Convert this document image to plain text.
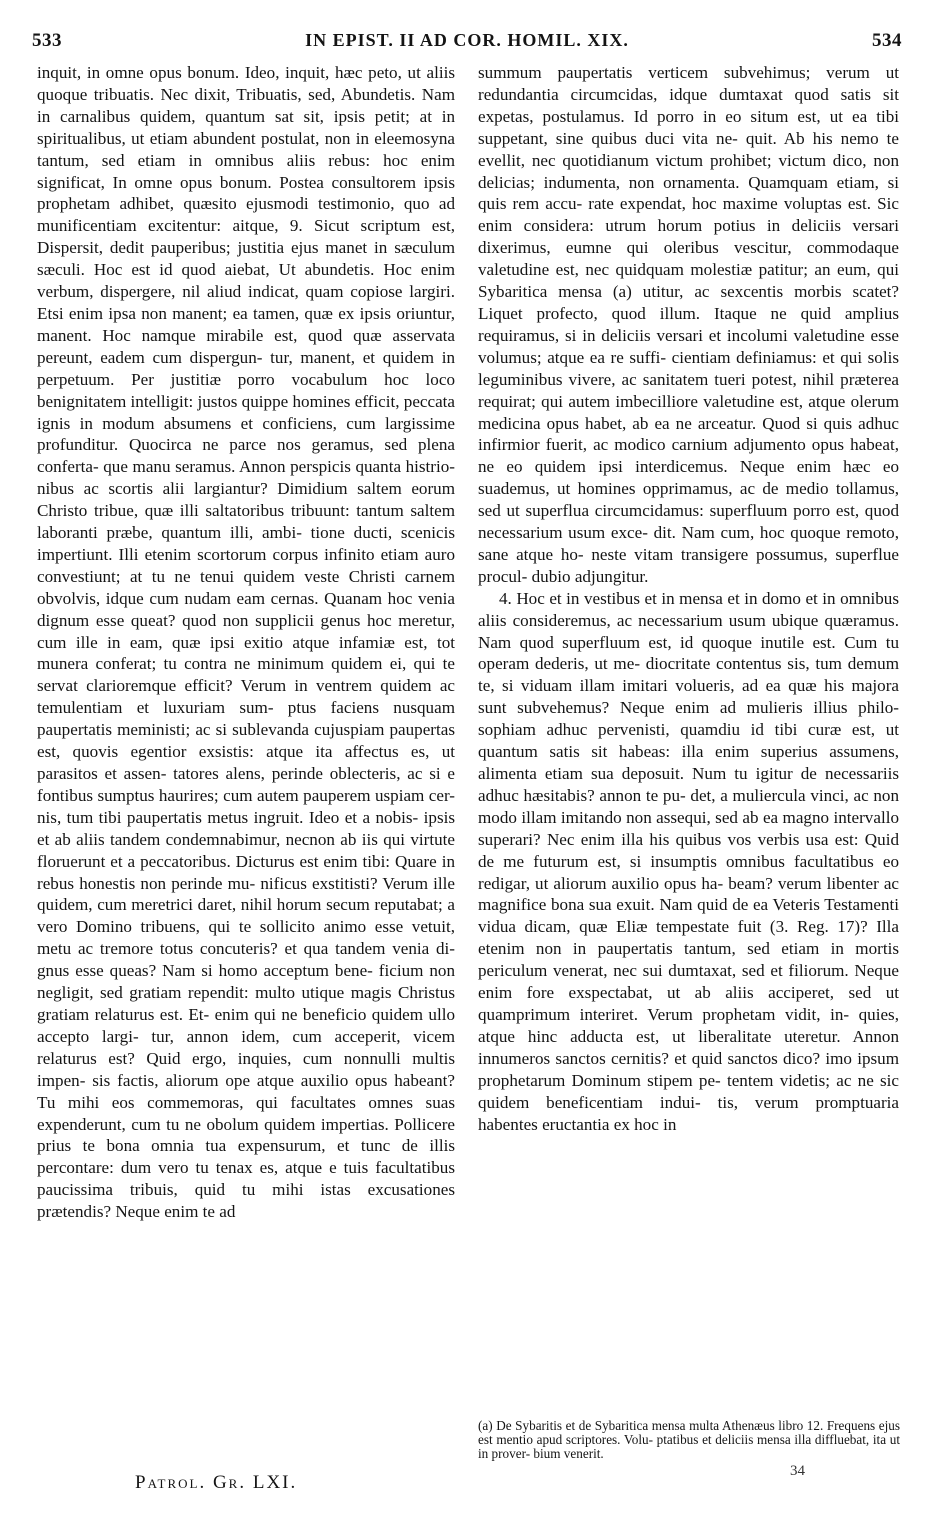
533	IN EPIST. II AD COR. HOMIL. XIX.	534

inquit, in omne opus bonum. Ideo, inquit, hæc peto, ut aliis quoque tribuatis. Nec dixit, Tribuatis, sed, Abundetis. Nam in carnalibus quidem, quantum sat sit, ipsis petit; at in spiritualibus, ut etiam abundent postulat, non in eleemosyna tantum, sed etiam in omnibus aliis rebus: hoc enim significat, In omne opus bonum. Postea consultorem ipsis prophetam adhibet, quæsito ejusmodi testimonio, quo ad munificentiam excitentur: aitque, 9. Sicut scriptum est, Dispersit, dedit pauperibus; justitia ejus manet in sæculum sæculi. Hoc est id quod aiebat, Ut abundetis. Hoc enim verbum, dispergere, nil aliud indicat, quam copiose largiri. Etsi enim ipsa non manent; ea tamen, quæ ex ipsis oriuntur, manent. Hoc namque mirabile est, quod quæ asservata pereunt, eadem cum dispergun- tur, manent, et quidem in perpetuum. Per justitiæ porro vocabulum hoc loco benignitatem intelligit: justos quippe homines efficit, peccata ignis in modum absumens et conficiens, cum largissime profunditur. Quocirca ne parce nos geramus, sed plena conferta- que manu seramus. Annon perspicis quanta histrio- nibus ac scortis alii largiantur? Dimidium saltem eorum Christo tribue, quæ illi saltatoribus tribuunt: tantum saltem laboranti præbe, quantum illi, ambi- tione ducti, scenicis impertiunt. Illi etenim scortorum corpus infinito etiam auro convestiunt; at tu ne tenui quidem veste Christi carnem obvolvis, idque cum nudam eam cernas. Quanam hoc venia dignum esse queat? quod non supplicii genus hoc meretur, cum ille in eam, quæ ipsi exitio atque infamiæ est, tot munera conferat; tu contra ne minimum quidem ei, qui te servat clarioremque efficit? Verum in ventrem quidem ac temulentiam et luxuriam sum- ptus faciens nusquam paupertatis meministi; ac si sublevanda cujuspiam paupertas est, quovis egentior exsistis: atque ita affectus es, ut parasitos et assen- tatores alens, perinde oblecteris, ac si e fontibus sumptus haurires; cum autem pauperem uspiam cer- nis, tum tibi paupertatis metus ingruit. Ideo et a nobis- ipsis et ab aliis tandem condemnabimur, necnon ab iis qui virtute floruerunt et a peccatoribus. Dicturus est enim tibi: Quare in rebus honestis non perinde mu- nificus exstitisti? Verum ille quidem, cum meretrici daret, nihil horum secum reputabat; a vero Domino tribuens, qui te sollicito animo esse vetuit, metu ac tremore totus concuteris? et qua tandem venia di- gnus esse queas? Nam si homo acceptum bene- ficium non negligit, sed gratiam rependit: multo utique magis Christus gratiam relaturus est. Et- enim qui ne beneficio quidem ullo accepto largi- tur, annon idem, cum acceperit, vicem relaturus est? Quid ergo, inquies, cum nonnulli multis impen- sis factis, aliorum ope atque auxilio opus habeant? Tu mihi eos commemoras, qui facultates omnes suas expenderunt, cum tu ne obolum quidem impertias. Pollicere prius te bona omnia tua expensurum, et tunc de illis percontare: dum vero tu tenax es, atque e tuis facultatibus paucissima tribuis, quid tu mihi istas excusationes prætendis? Neque enim te ad

summum paupertatis verticem subvehimus; verum ut redundantia circumcidas, idque dumtaxat quod satis sit expetas, postulamus. Id porro in eo situm est, ut ea tibi suppetant, sine quibus duci vita ne- quit. Ab his nemo te evellit, nec quotidianum victum prohibet; victum dico, non delicias; indumenta, non ornamenta. Quamquam etiam, si quis rem accu- rate expendat, hoc maxime voluptas est. Sic enim considera: utrum horum potius in deliciis versari dixerimus, eumne qui oleribus vescitur, commodaque valetudine est, nec quidquam molestiæ patitur; an eum, qui Sybaritica mensa (a) utitur, ac sexcentis morbis scatet? Liquet profecto, quod illum. Itaque ne quid amplius requiramus, si in deliciis versari et incolumi valetudine esse volumus; atque ea re suffi- cientiam definiamus: et qui solis leguminibus vivere, ac sanitatem tueri potest, nihil præterea requirat; qui autem imbecilliore valetudine est, atque olerum medicina opus habet, ab ea ne arceatur. Quod si quis adhuc infirmior fuerit, ac modico carnium adjumento opus habeat, ne eo quidem ipsi interdicemus. Neque enim hæc eo suademus, ut homines opprimamus, ac de medio tollamus, sed ut superflua circumcidamus: superfluum porro est, quod necessarium usum exce- dit. Nam cum, hoc quoque remoto, sane atque ho- neste vitam transigere possumus, superflue procul- dubio adjungitur.

4. Hoc et in vestibus et in mensa et in domo et in omnibus aliis consideremus, ac necessarium usum ubique quæramus. Nam quod superfluum est, id quoque inutile est. Cum tu operam dederis, ut me- diocritate contentus sis, tum demum te, si viduam illam imitari volueris, ad ea quæ his majora sunt subvehemus? Neque enim ad mulieris illius philo- sophiam adhuc pervenisti, quamdiu id tibi curæ est, ut quantum satis sit habeas: illa enim superius assumens, alimenta etiam sua deposuit. Num tu igitur de necessariis adhuc hæsitabis? annon te pu- det, a muliercula vinci, ac non modo illam imitando non assequi, sed ab ea magno intervallo superari? Nec enim illa his quibus vos verbis usa est: Quid de me futurum est, si insumptis omnibus facultatibus eo redigar, ut aliorum auxilio opus ha- beam? verum libenter ac magnifice bona sua exuit. Nam quid de ea Veteris Testamenti vidua dicam, quæ Eliæ tempestate fuit (3. Reg. 17)? Illa etenim non in paupertatis tantum, sed etiam in mortis periculum venerat, nec sui dumtaxat, sed et filiorum. Neque enim fore exspectabat, ut ab aliis acciperet, sed ut quamprimum interiret. Verum prophetam vidit, in- quies, atque hinc adducta est, ut liberalitate uteretur. Annon innumeros sanctos cernitis? et quid sanctos dico? imo ipsum prophetarum Dominum stipem pe- tentem videtis; ac ne sic quidem beneficentiam indui- tis, verum promptuaria habentes eructantia ex hoc in

(a) De Sybaritis et de Sybaritica mensa multa Athenæus libro 12. Frequens ejus est mentio apud scriptores. Volu- ptatibus et deliciis mensa illa diffluebat, ita ut in prover- bium venerit.
34
Patrol. Gr. LXI.
